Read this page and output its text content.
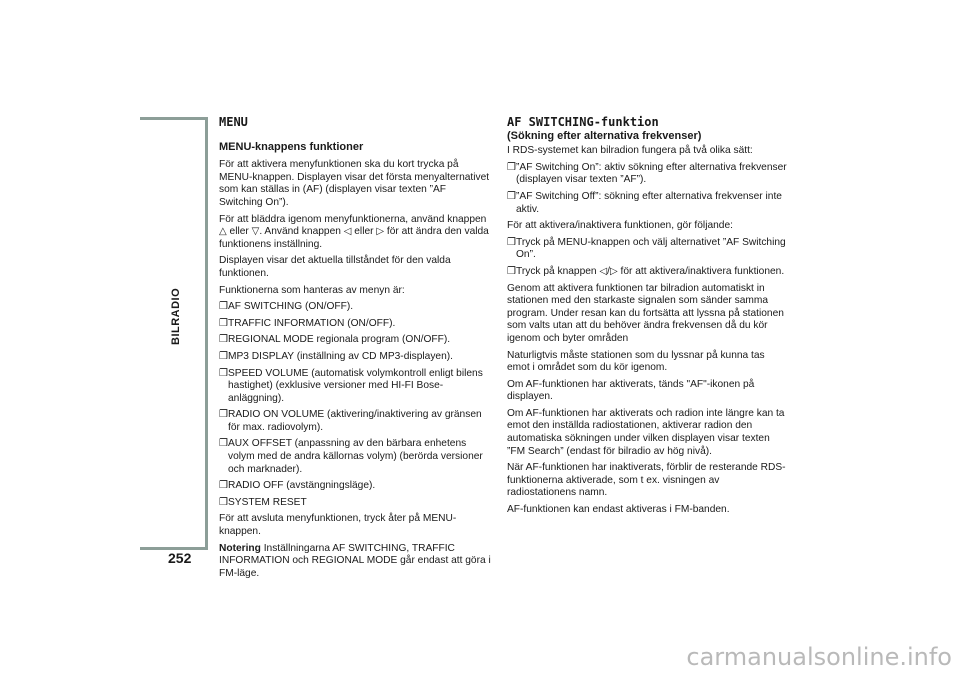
BILRADIO
252
MENU
MENU-knappens funktioner

För att aktivera menyfunktionen ska du kort trycka på MENU-knappen. Displayen visar det första menyalternativet som kan ställas in (AF) (displayen visar texten ”AF Switching On”).

För att bläddra igenom menyfunktionerna, använd knappen △ eller ▽. Använd knappen ◁ eller ▷ för att ändra den valda funktionens inställning.

Displayen visar det aktuella tillståndet för den valda funktionen.

Funktionerna som hanteras av menyn är:

❒ AF SWITCHING (ON/OFF).
❒ TRAFFIC INFORMATION (ON/OFF).
❒ REGIONAL MODE regionala program (ON/OFF).
❒ MP3 DISPLAY (inställning av CD MP3-displayen).
❒ SPEED VOLUME (automatisk volymkontroll enligt bilens hastighet) (exklusive versioner med HI-FI Bose-anläggning).
❒ RADIO ON VOLUME (aktivering/inaktivering av gränsen för max. radiovolym).
❒ AUX OFFSET (anpassning av den bärbara enhetens volym med de andra källornas volym) (berörda versioner och marknader).
❒ RADIO OFF (avstängningsläge).
❒ SYSTEM RESET

För att avsluta menyfunktionen, tryck åter på MENU-knappen.

Notering Inställningarna AF SWITCHING, TRAFFIC INFORMATION och REGIONAL MODE går endast att göra i FM-läge.

AF SWITCHING-funktion
(Sökning efter alternativa frekvenser)

I RDS-systemet kan bilradion fungera på två olika sätt:

❒ ”AF Switching On”: aktiv sökning efter alternativa frekvenser (displayen visar texten ”AF”).
❒ ”AF Switching Off”: sökning efter alternativa frekvenser inte aktiv.

För att aktivera/inaktivera funktionen, gör följande:

❒ Tryck på MENU-knappen och välj alternativet ”AF Switching On”.
❒ Tryck på knappen ◁/▷ för att aktivera/inaktivera funktionen.

Genom att aktivera funktionen tar bilradion automatiskt in stationen med den starkaste signalen som sänder samma program. Under resan kan du fortsätta att lyssna på stationen som valts utan att du behöver ändra frekvensen då du kör igenom och byter områden

Naturligtvis måste stationen som du lyssnar på kunna tas emot i området som du kör igenom.

Om AF-funktionen har aktiverats, tänds "AF"-ikonen på displayen.

Om AF-funktionen har aktiverats och radion inte längre kan ta emot den inställda radiostationen, aktiverar radion den automatiska sökningen under vilken displayen visar texten ”FM Search” (endast för bilradio av hög nivå).

När AF-funktionen har inaktiverats, förblir de resterande RDS-funktionerna aktiverade, som t ex. visningen av radiostationens namn.

AF-funktionen kan endast aktiveras i FM-banden.

carmanualsonline.info
